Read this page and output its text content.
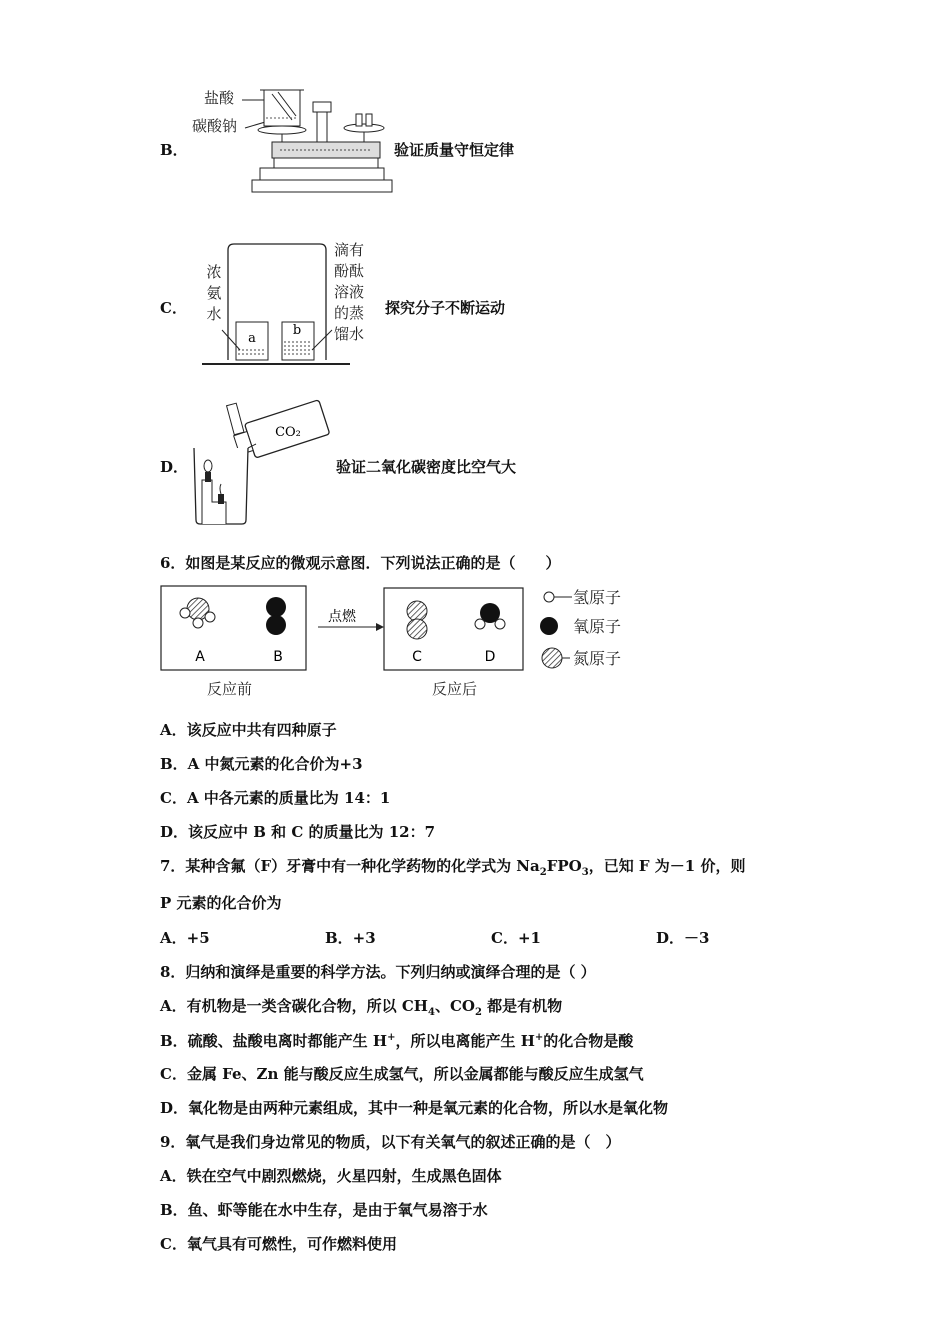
B．
盐酸
碳酸钠
验证质量守恒定律
C．
浓氨水
滴有酚酞溶液的蒸馏水
a
b
探究分子不断运动
D．
CO₂
验证二氧化碳密度比空气大
6．如图是某反应的微观示意图．下列说法正确的是（　　）
A	B
点燃
C	D
氢原子
氧原子
氮原子
反应前	反应后
A．该反应中共有四种原子
B．A 中氮元素的化合价为+3
C．A 中各元素的质量比为 14：1
D．该反应中 B 和 C 的质量比为 12：7
7．某种含氟（F）牙膏中有一种化学药物的化学式为 $Na_2FPO_3$，已知 F 为－1 价，则
P 元素的化合价为
A．+5	B．+3	C．+1	D．－3
8．归纳和演绎是重要的科学方法。下列归纳或演绎合理的是（ ）
A．有机物是一类含碳化合物，所以 $CH_4$、$CO_2$ 都是有机物
B．硫酸、盐酸电离时都能产生 H+，所以电离能产生 H+的化合物是酸
C．金属 Fe、Zn 能与酸反应生成氢气，所以金属都能与酸反应生成氢气
D．氧化物是由两种元素组成，其中一种是氧元素的化合物，所以水是氧化物
9．氧气是我们身边常见的物质，以下有关氧气的叙述正确的是（　）
A．铁在空气中剧烈燃烧，火星四射，生成黑色固体
B．鱼、虾等能在水中生存，是由于氧气易溶于水
C．氧气具有可燃性，可作燃料使用
